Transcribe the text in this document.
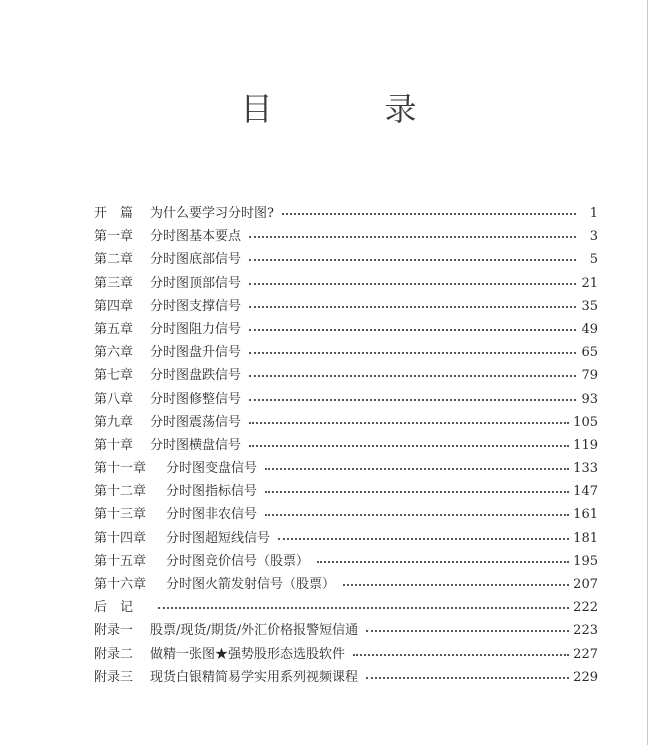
目　录
开　篇	为什么要学习分时图?	1
第一章	分时图基本要点	3
第二章	分时图底部信号	5
第三章	分时图顶部信号	21
第四章	分时图支撑信号	35
第五章	分时图阻力信号	49
第六章	分时图盘升信号	65
第七章	分时图盘跌信号	79
第八章	分时图修整信号	93
第九章	分时图震荡信号	105
第十章	分时图横盘信号	119
第十一章	分时图变盘信号	133
第十二章	分时图指标信号	147
第十三章	分时图非农信号	161
第十四章	分时图超短线信号	181
第十五章	分时图竞价信号（股票）	195
第十六章	分时图火箭发射信号（股票）	207
后　记	222
附录一	股票/现货/期货/外汇价格报警短信通	223
附录二	做精一张图★强势股形态选股软件	227
附录三	现货白银精简易学实用系列视频课程	229
